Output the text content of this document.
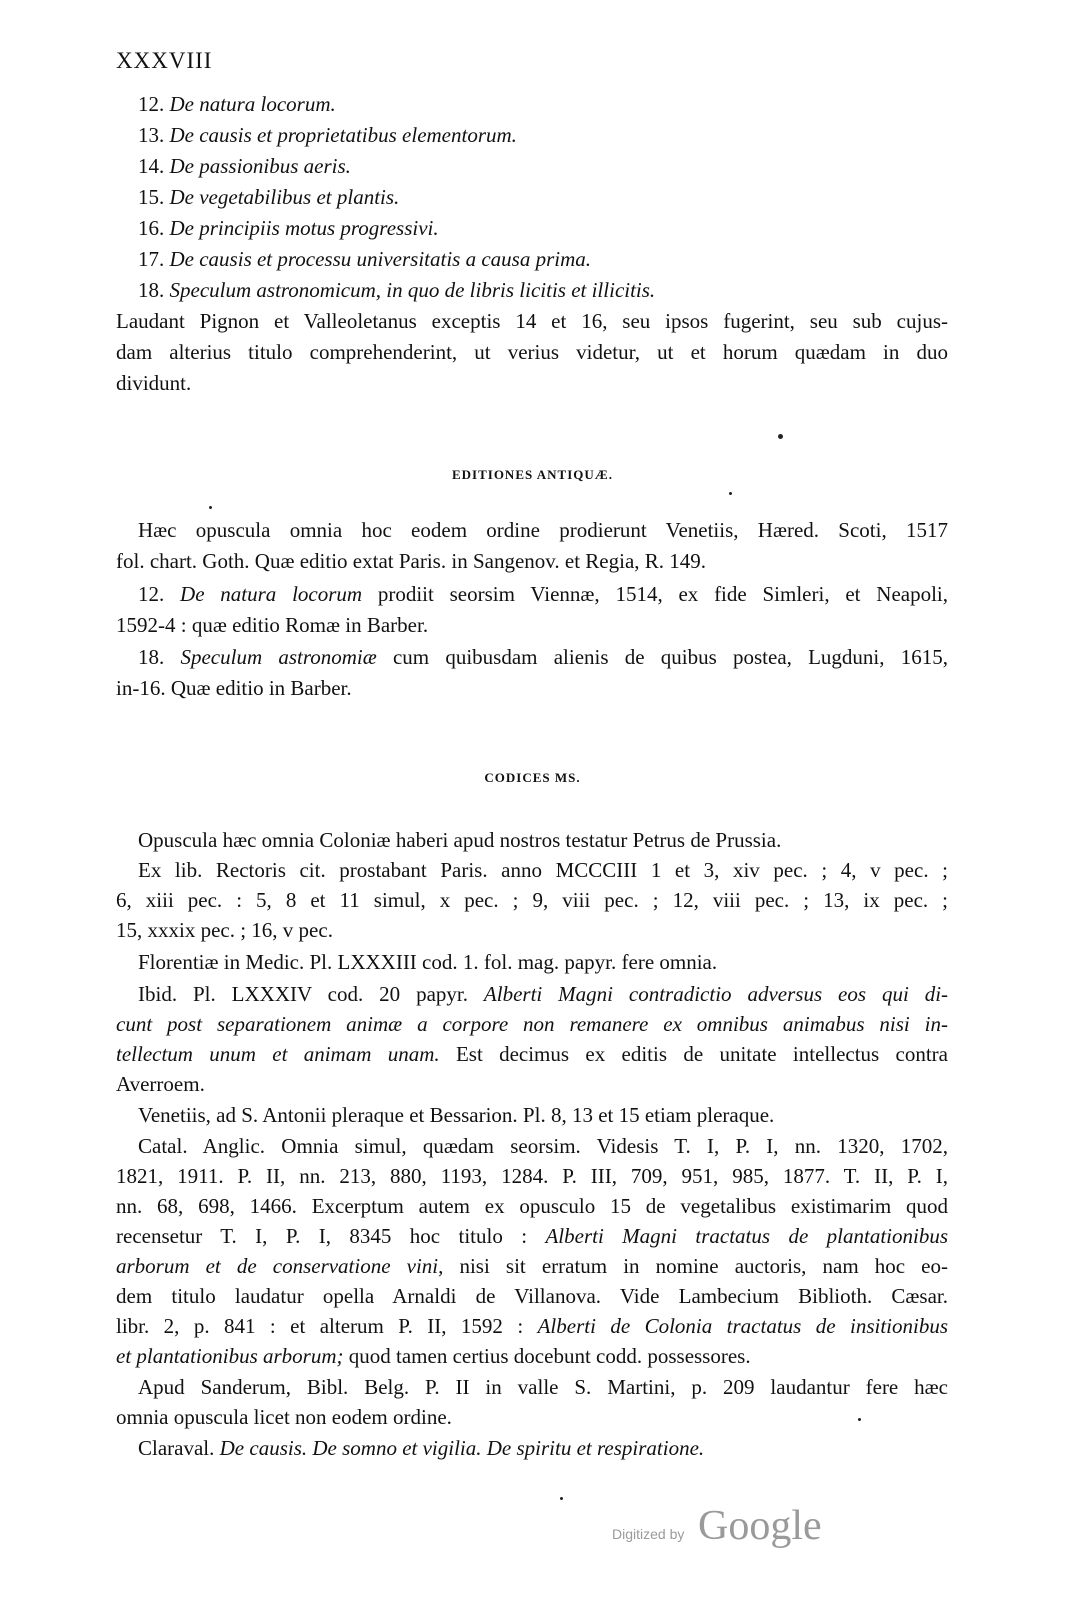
XXXVIII
12. De natura locorum.
13. De causis et proprietatibus elementorum.
14. De passionibus aeris.
15. De vegetabilibus et plantis.
16. De principiis motus progressivi.
17. De causis et processu universitatis a causa prima.
18. Speculum astronomicum, in quo de libris licitis et illicitis.
Laudant Pignon et Valleoletanus exceptis 14 et 16, seu ipsos fugerint, seu sub cujus-
dam alterius titulo comprehenderint, ut verius videtur, ut et horum quædam in duo
dividunt.
EDITIONES ANTIQUÆ.
Hæc opuscula omnia hoc eodem ordine prodierunt Venetiis, Hæred. Scoti, 1517
fol. chart. Goth. Quæ editio extat Paris. in Sangenov. et Regia, R. 149.
12. De natura locorum prodiit seorsim Viennæ, 1514, ex fide Simleri, et Neapoli,
1592-4 : quæ editio Romæ in Barber.
18. Speculum astronomiæ cum quibusdam alienis de quibus postea, Lugduni, 1615,
in-16. Quæ editio in Barber.
CODICES MS.
Opuscula hæc omnia Coloniæ haberi apud nostros testatur Petrus de Prussia.
Ex lib. Rectoris cit. prostabant Paris. anno MCCCIII 1 et 3, xiv pec. ; 4, v pec. ;
6, xiii pec. : 5, 8 et 11 simul, x pec. ; 9, viii pec. ; 12, viii pec. ; 13, ix pec. ;
15, xxxix pec. ; 16, v pec.
Florentiæ in Medic. Pl. LXXXIII cod. 1. fol. mag. papyr. fere omnia.
Ibid. Pl. LXXXIV cod. 20 papyr. Alberti Magni contradictio adversus eos qui di-
cunt post separationem animæ a corpore non remanere ex omnibus animabus nisi in-
tellectum unum et animam unam. Est decimus ex editis de unitate intellectus contra
Averroem.
Venetiis, ad S. Antonii pleraque et Bessarion. Pl. 8, 13 et 15 etiam pleraque.
Catal. Anglic. Omnia simul, quædam seorsim. Videsis T. I, P. I, nn. 1320, 1702,
1821, 1911. P. II, nn. 213, 880, 1193, 1284. P. III, 709, 951, 985, 1877. T. II, P. I,
nn. 68, 698, 1466. Excerptum autem ex opusculo 15 de vegetalibus existimarim quod
recensetur T. I, P. I, 8345 hoc titulo : Alberti Magni tractatus de plantationibus
arborum et de conservatione vini, nisi sit erratum in nomine auctoris, nam hoc eo-
dem titulo laudatur opella Arnaldi de Villanova. Vide Lambecium Biblioth. Cæsar.
libr. 2, p. 841 : et alterum P. II, 1592 : Alberti de Colonia tractatus de insitionibus
et plantationibus arborum; quod tamen certius docebunt codd. possessores.
Apud Sanderum, Bibl. Belg. P. II in valle S. Martini, p. 209 laudantur fere hæc
omnia opuscula licet non eodem ordine.
Claraval. De causis. De somno et vigilia. De spiritu et respiratione.
Digitized by Google
